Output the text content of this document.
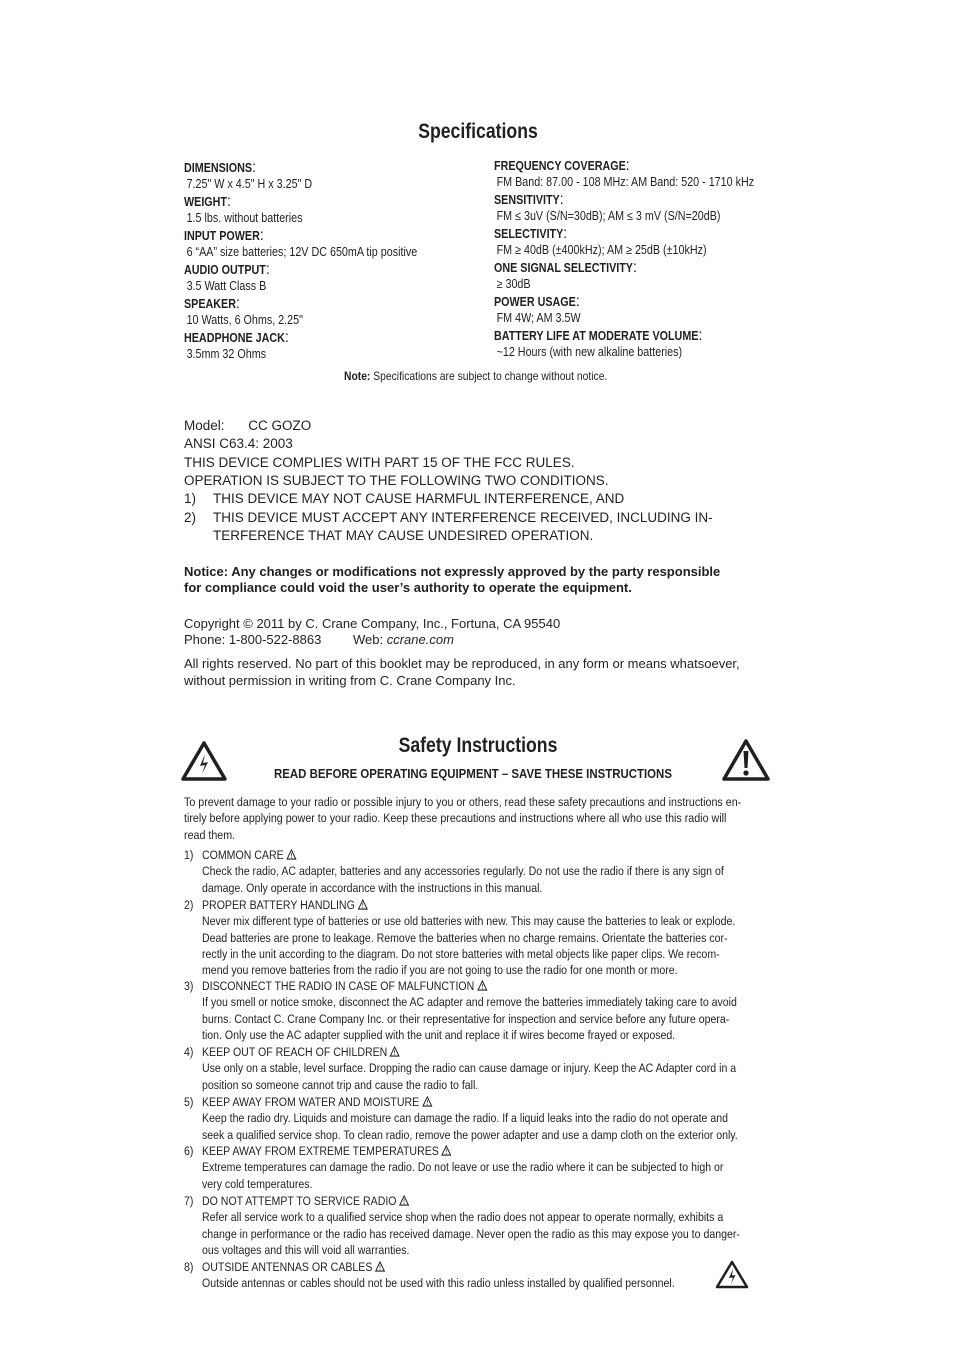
Specifications
DIMENSIONS:
7.25" W x 4.5" H x 3.25" D
WEIGHT:
1.5 lbs. without batteries
INPUT POWER:
6 “AA” size batteries; 12V DC 650mA tip positive
AUDIO OUTPUT:
3.5 Watt Class B
SPEAKER:
10 Watts, 6 Ohms, 2.25"
HEADPHONE JACK:
3.5mm 32 Ohms
FREQUENCY COVERAGE:
FM Band: 87.00 - 108 MHz: AM Band: 520 - 1710 kHz
SENSITIVITY:
FM ≤ 3uV (S/N=30dB); AM ≤ 3 mV (S/N=20dB)
SELECTIVITY:
FM ≥ 40dB (±400kHz); AM ≥ 25dB (±10kHz)
ONE SIGNAL SELECTIVITY:
≥ 30dB
POWER USAGE:
FM 4W; AM 3.5W
BATTERY LIFE AT MODERATE VOLUME:
~12 Hours (with new alkaline batteries)
Note: Specifications are subject to change without notice.
Model: CC GOZO
ANSI C63.4: 2003
THIS DEVICE COMPLIES WITH PART 15 OF THE FCC RULES.
OPERATION IS SUBJECT TO THE FOLLOWING TWO CONDITIONS.
1) THIS DEVICE MAY NOT CAUSE HARMFUL INTERFERENCE, AND
2) THIS DEVICE MUST ACCEPT ANY INTERFERENCE RECEIVED, INCLUDING IN-
TERFERENCE THAT MAY CAUSE UNDESIRED OPERATION.
Notice: Any changes or modifications not expressly approved by the party responsible
for compliance could void the user’s authority to operate the equipment.
Copyright © 2011 by C. Crane Company, Inc., Fortuna, CA 95540
Phone: 1-800-522-8863 Web: ccrane.com
All rights reserved. No part of this booklet may be reproduced, in any form or means whatsoever,
without permission in writing from C. Crane Company Inc.
Safety Instructions
READ BEFORE OPERATING EQUIPMENT – SAVE THESE INSTRUCTIONS
To prevent damage to your radio or possible injury to you or others, read these safety precautions and instructions en-
tirely before applying power to your radio. Keep these precautions and instructions where all who use this radio will
read them.
1) COMMON CARE
Check the radio, AC adapter, batteries and any accessories regularly. Do not use the radio if there is any sign of
damage. Only operate in accordance with the instructions in this manual.
2) PROPER BATTERY HANDLING
Never mix different type of batteries or use old batteries with new. This may cause the batteries to leak or explode.
Dead batteries are prone to leakage. Remove the batteries when no charge remains. Orientate the batteries cor-
rectly in the unit according to the diagram. Do not store batteries with metal objects like paper clips. We recom-
mend you remove batteries from the radio if you are not going to use the radio for one month or more.
3) DISCONNECT THE RADIO IN CASE OF MALFUNCTION
If you smell or notice smoke, disconnect the AC adapter and remove the batteries immediately taking care to avoid
burns. Contact C. Crane Company Inc. or their representative for inspection and service before any future opera-
tion. Only use the AC adapter supplied with the unit and replace it if wires become frayed or exposed.
4) KEEP OUT OF REACH OF CHILDREN
Use only on a stable, level surface. Dropping the radio can cause damage or injury. Keep the AC Adapter cord in a
position so someone cannot trip and cause the radio to fall.
5) KEEP AWAY FROM WATER AND MOISTURE
Keep the radio dry. Liquids and moisture can damage the radio. If a liquid leaks into the radio do not operate and
seek a qualified service shop. To clean radio, remove the power adapter and use a damp cloth on the exterior only.
6) KEEP AWAY FROM EXTREME TEMPERATURES
Extreme temperatures can damage the radio. Do not leave or use the radio where it can be subjected to high or
very cold temperatures.
7) DO NOT ATTEMPT TO SERVICE RADIO
Refer all service work to a qualified service shop when the radio does not appear to operate normally, exhibits a
change in performance or the radio has received damage. Never open the radio as this may expose you to danger-
ous voltages and this will void all warranties.
8) OUTSIDE ANTENNAS OR CABLES
Outside antennas or cables should not be used with this radio unless installed by qualified personnel.
